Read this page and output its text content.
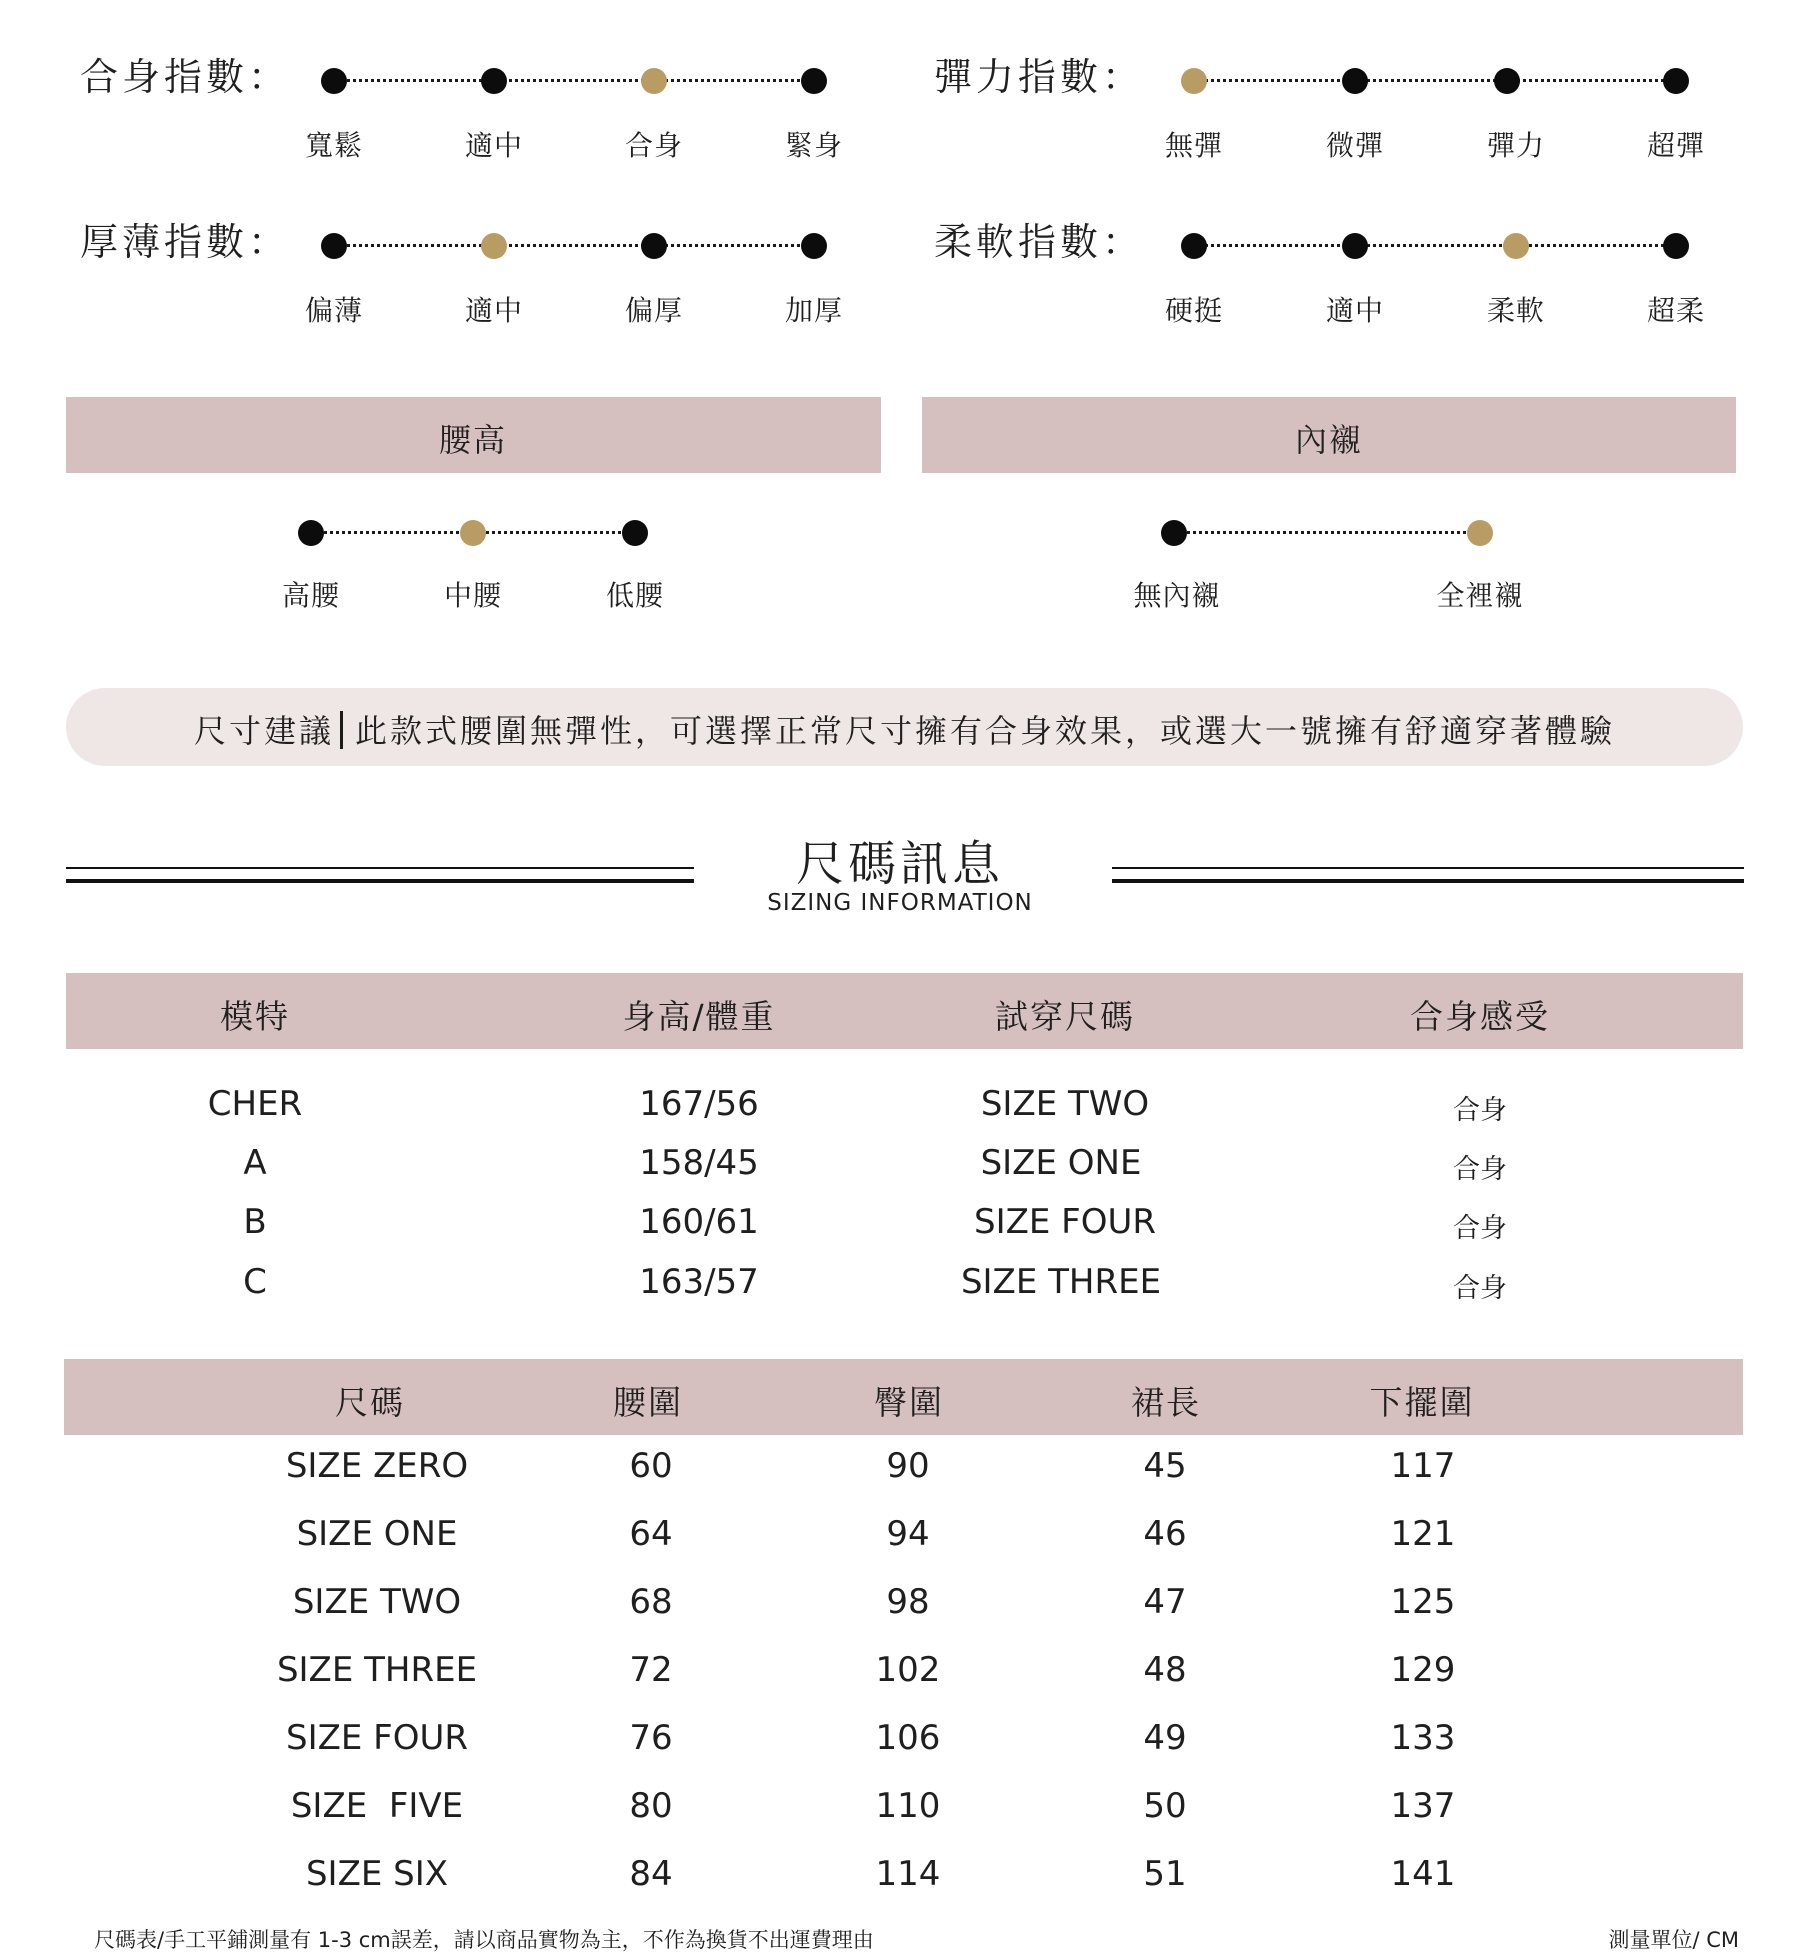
合身指數：
寬鬆	適中	合身	緊身
彈力指數：
無彈	微彈	彈力	超彈
厚薄指數：
偏薄	適中	偏厚	加厚
柔軟指數：
硬挺	適中	柔軟	超柔
腰高	內襯
高腰	中腰	低腰	無內襯	全裡襯
尺寸建議 此款式腰圍無彈性，可選擇正常尺寸擁有合身效果，或選大一號擁有舒適穿著體驗
尺碼訊息
SIZING INFORMATION
模特	身高/體重	試穿尺碼	合身感受
CHER	167/56	SIZE TWO	合身
A	158/45	SIZE ONE	合身
B	160/61	SIZE FOUR	合身
C	163/57	SIZE THREE	合身
尺碼	腰圍	臀圍	裙長	下擺圍
SIZE ZERO	60	90	45	117
SIZE ONE	64	94	46	121
SIZE TWO	68	98	47	125
SIZE THREE	72	102	48	129
SIZE FOUR	76	106	49	133
SIZE  FIVE	80	110	50	137
SIZE SIX	84	114	51	141
尺碼表/手工平鋪測量有 1-3 cm誤差，請以商品實物為主，不作為換貨不出運費理由	測量單位/ CM
